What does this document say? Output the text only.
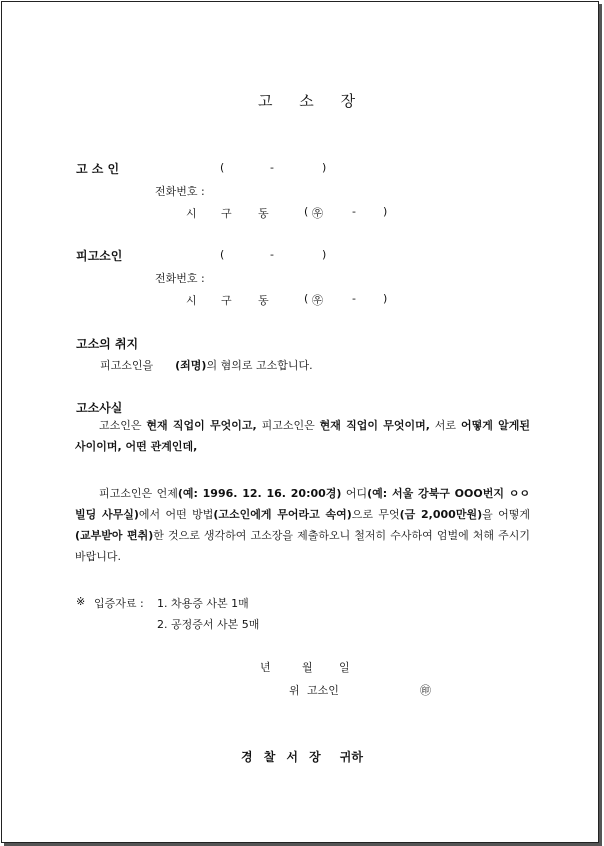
고 소 장
고 소 인	(	-	)
전화번호 :
시 구 동	( ㉾	- )
피고소인	(	-	)
전화번호 :
시 구 동	( ㉾	- )
고소의 취지
피고소인을 (죄명)의 혐의로 고소합니다.
고소사실
고소인은 현재 직업이 무엇이고, 피고소인은 현재 직업이 무엇이며, 서로 어떻게 알게된 사이이며, 어떤 관계인데,
피고소인은 언제(예: 1996. 12. 16. 20:00경) 어디(예: 서울 강북구 OOO번지 ㅇㅇ빌딩 사무실)에서 어떤 방법(고소인에게 무어라고 속여)으로 무엇(금 2,000만원)을 어떻게(교부받아 편취)한 것으로 생각하여 고소장을 제출하오니 철저히 수사하여 엄벌에 처해 주시기 바랍니다.
※ 입증자료 : 1. 차용증 사본 1매
2. 공정증서 사본 5매
년	월 일
위 고소인	㊞
경 찰 서 장 귀하
